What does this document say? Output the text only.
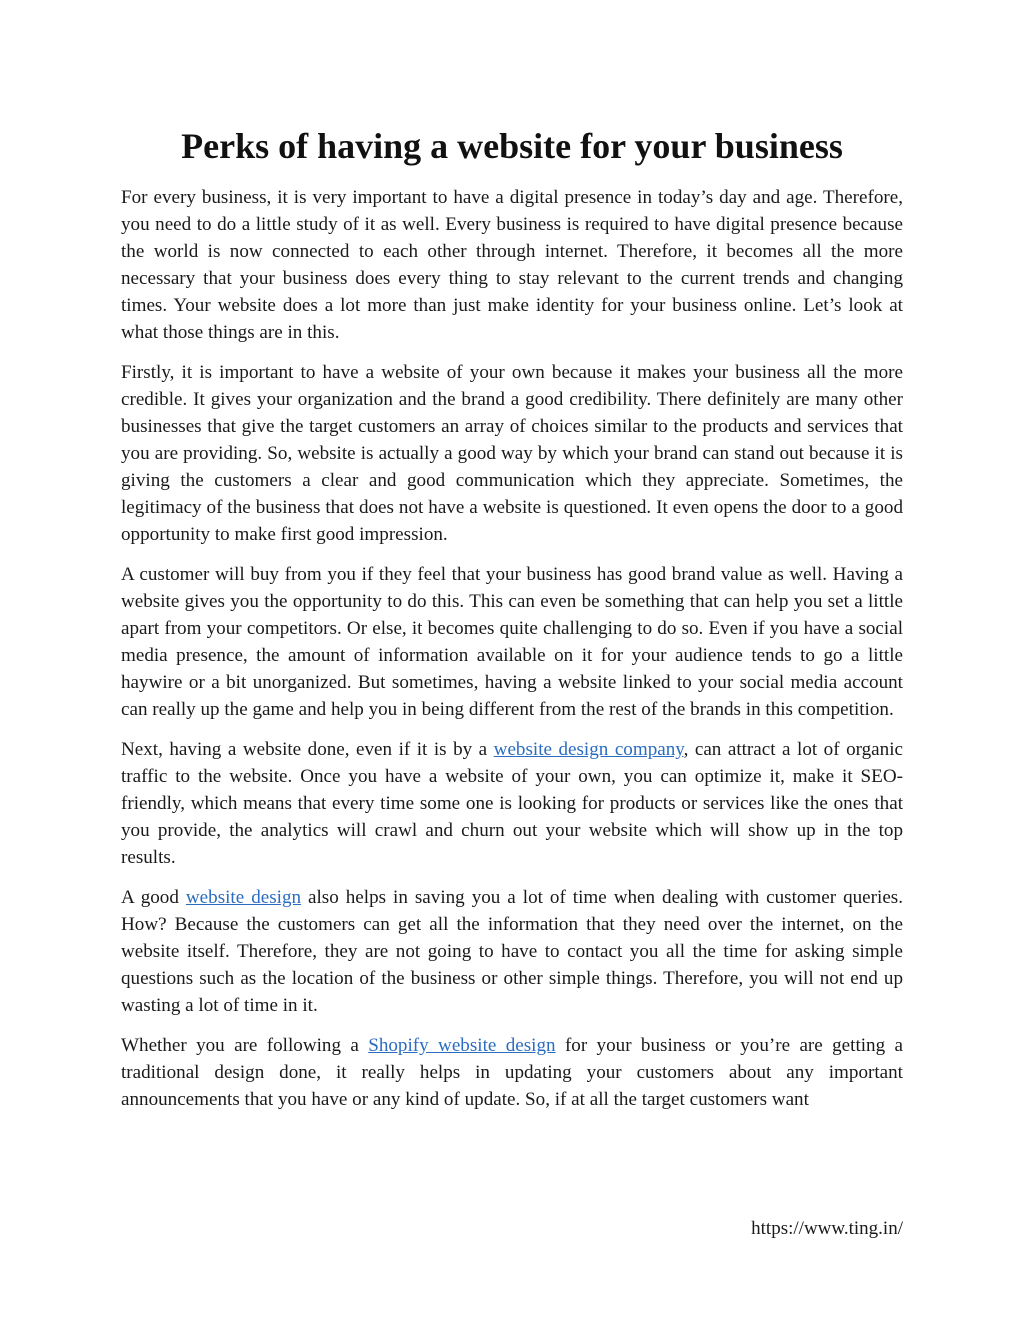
Perks of having a website for your business

For every business, it is very important to have a digital presence in today’s day and age. Therefore, you need to do a little study of it as well. Every business is required to have digital presence because the world is now connected to each other through internet. Therefore, it becomes all the more necessary that your business does every thing to stay relevant to the current trends and changing times. Your website does a lot more than just make identity for your business online. Let’s look at what those things are in this.

Firstly, it is important to have a website of your own because it makes your business all the more credible. It gives your organization and the brand a good credibility. There definitely are many other businesses that give the target customers an array of choices similar to the products and services that you are providing. So, website is actually a good way by which your brand can stand out because it is giving the customers a clear and good communication which they appreciate. Sometimes, the legitimacy of the business that does not have a website is questioned. It even opens the door to a good opportunity to make first good impression.

A customer will buy from you if they feel that your business has good brand value as well. Having a website gives you the opportunity to do this. This can even be something that can help you set a little apart from your competitors. Or else, it becomes quite challenging to do so. Even if you have a social media presence, the amount of information available on it for your audience tends to go a little haywire or a bit unorganized. But sometimes, having a website linked to your social media account can really up the game and help you in being different from the rest of the brands in this competition.

Next, having a website done, even if it is by a website design company, can attract a lot of organic traffic to the website. Once you have a website of your own, you can optimize it, make it SEO-friendly, which means that every time some one is looking for products or services like the ones that you provide, the analytics will crawl and churn out your website which will show up in the top results.

A good website design also helps in saving you a lot of time when dealing with customer queries. How? Because the customers can get all the information that they need over the internet, on the website itself. Therefore, they are not going to have to contact you all the time for asking simple questions such as the location of the business or other simple things. Therefore, you will not end up wasting a lot of time in it.

Whether you are following a Shopify website design for your business or you’re are getting a traditional design done, it really helps in updating your customers about any important announcements that you have or any kind of update. So, if at all the target customers want

https://www.ting.in/
